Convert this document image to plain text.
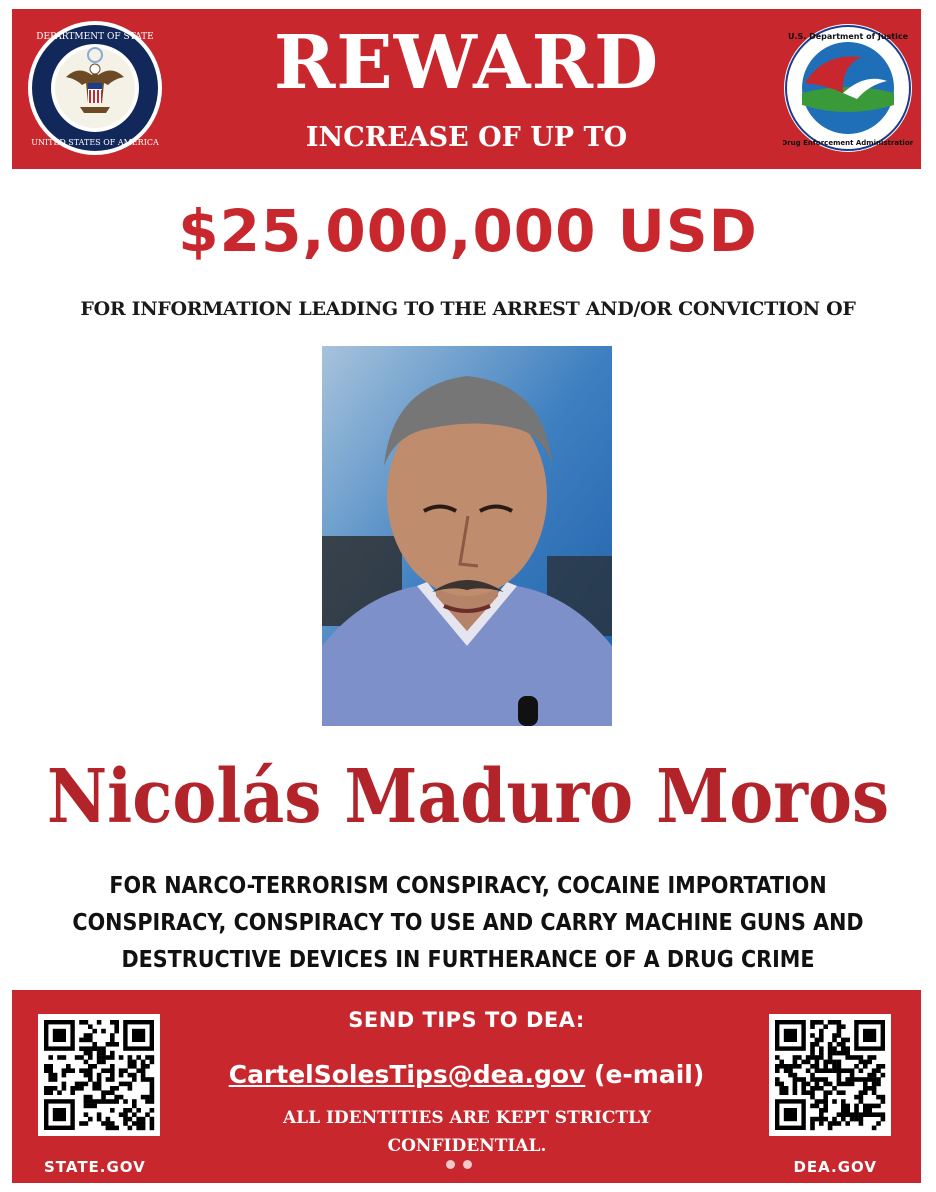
DEPARTMENT OF STATE
UNITED STATES OF AMERICA
REWARD
INCREASE OF UP TO
U.S. Department of Justice
Drug Enforcement Administration
$25,000,000 USD
FOR INFORMATION LEADING TO THE ARREST AND/OR CONVICTION OF
Nicolás Maduro Moros
FOR NARCO-TERRORISM CONSPIRACY, COCAINE IMPORTATION
CONSPIRACY, CONSPIRACY TO USE AND CARRY MACHINE GUNS AND
DESTRUCTIVE DEVICES IN FURTHERANCE OF A DRUG CRIME
STATE.GOV
SEND TIPS TO DEA:
CartelSolesTips@dea.gov (e-mail)
ALL IDENTITIES ARE KEPT STRICTLY CONFIDENTIAL.
DEA.GOV
